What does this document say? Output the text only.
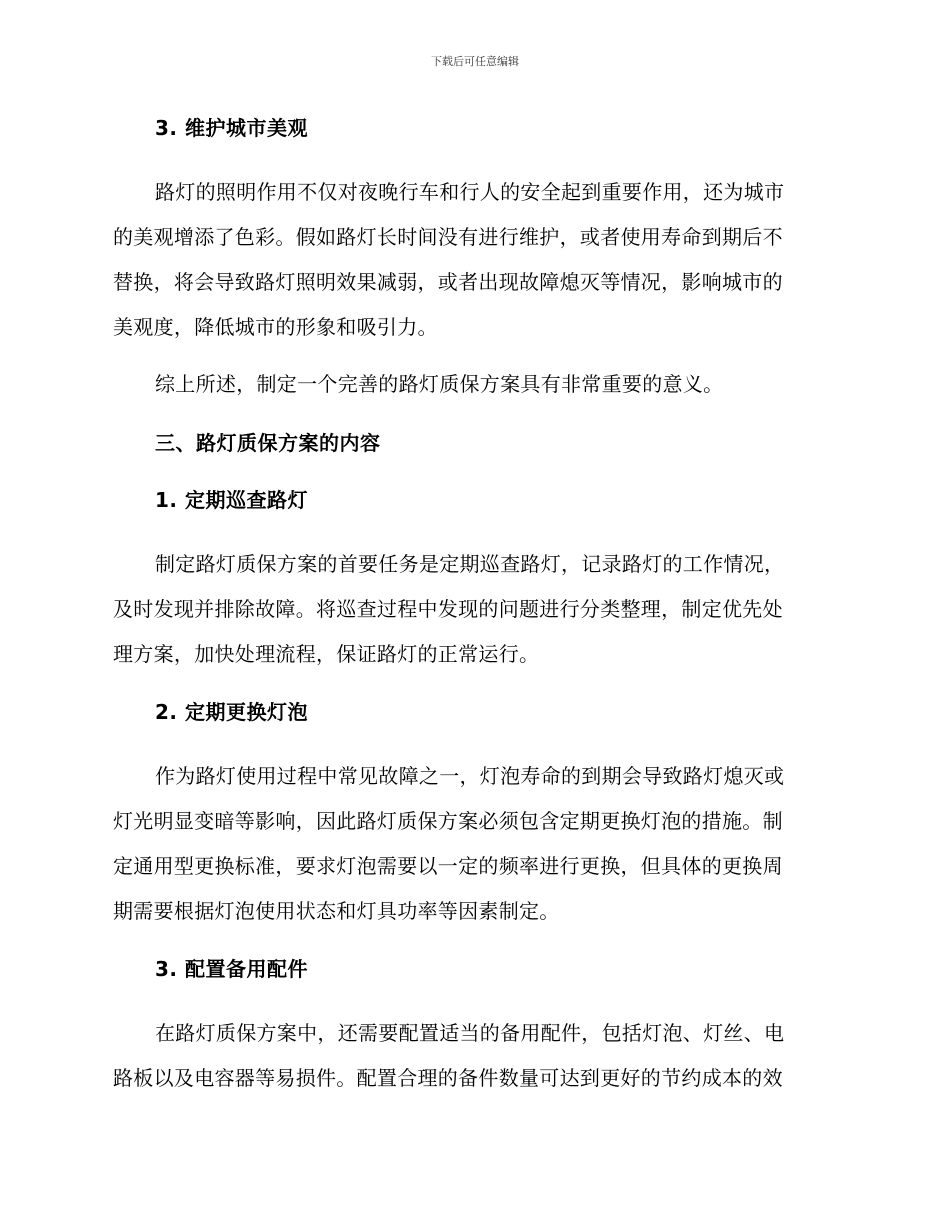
下载后可任意编辑
3. 维护城市美观
路灯的照明作用不仅对夜晚行车和行人的安全起到重要作用，还为城市
的美观增添了色彩。假如路灯长时间没有进行维护，或者使用寿命到期后不
替换，将会导致路灯照明效果减弱，或者出现故障熄灭等情况，影响城市的
美观度，降低城市的形象和吸引力。
综上所述，制定一个完善的路灯质保方案具有非常重要的意义。
三、路灯质保方案的内容
1. 定期巡查路灯
制定路灯质保方案的首要任务是定期巡查路灯，记录路灯的工作情况，
及时发现并排除故障。将巡查过程中发现的问题进行分类整理，制定优先处
理方案，加快处理流程，保证路灯的正常运行。
2. 定期更换灯泡
作为路灯使用过程中常见故障之一，灯泡寿命的到期会导致路灯熄灭或
灯光明显变暗等影响，因此路灯质保方案必须包含定期更换灯泡的措施。制
定通用型更换标准，要求灯泡需要以一定的频率进行更换，但具体的更换周
期需要根据灯泡使用状态和灯具功率等因素制定。
3. 配置备用配件
在路灯质保方案中，还需要配置适当的备用配件，包括灯泡、灯丝、电
路板以及电容器等易损件。配置合理的备件数量可达到更好的节约成本的效
